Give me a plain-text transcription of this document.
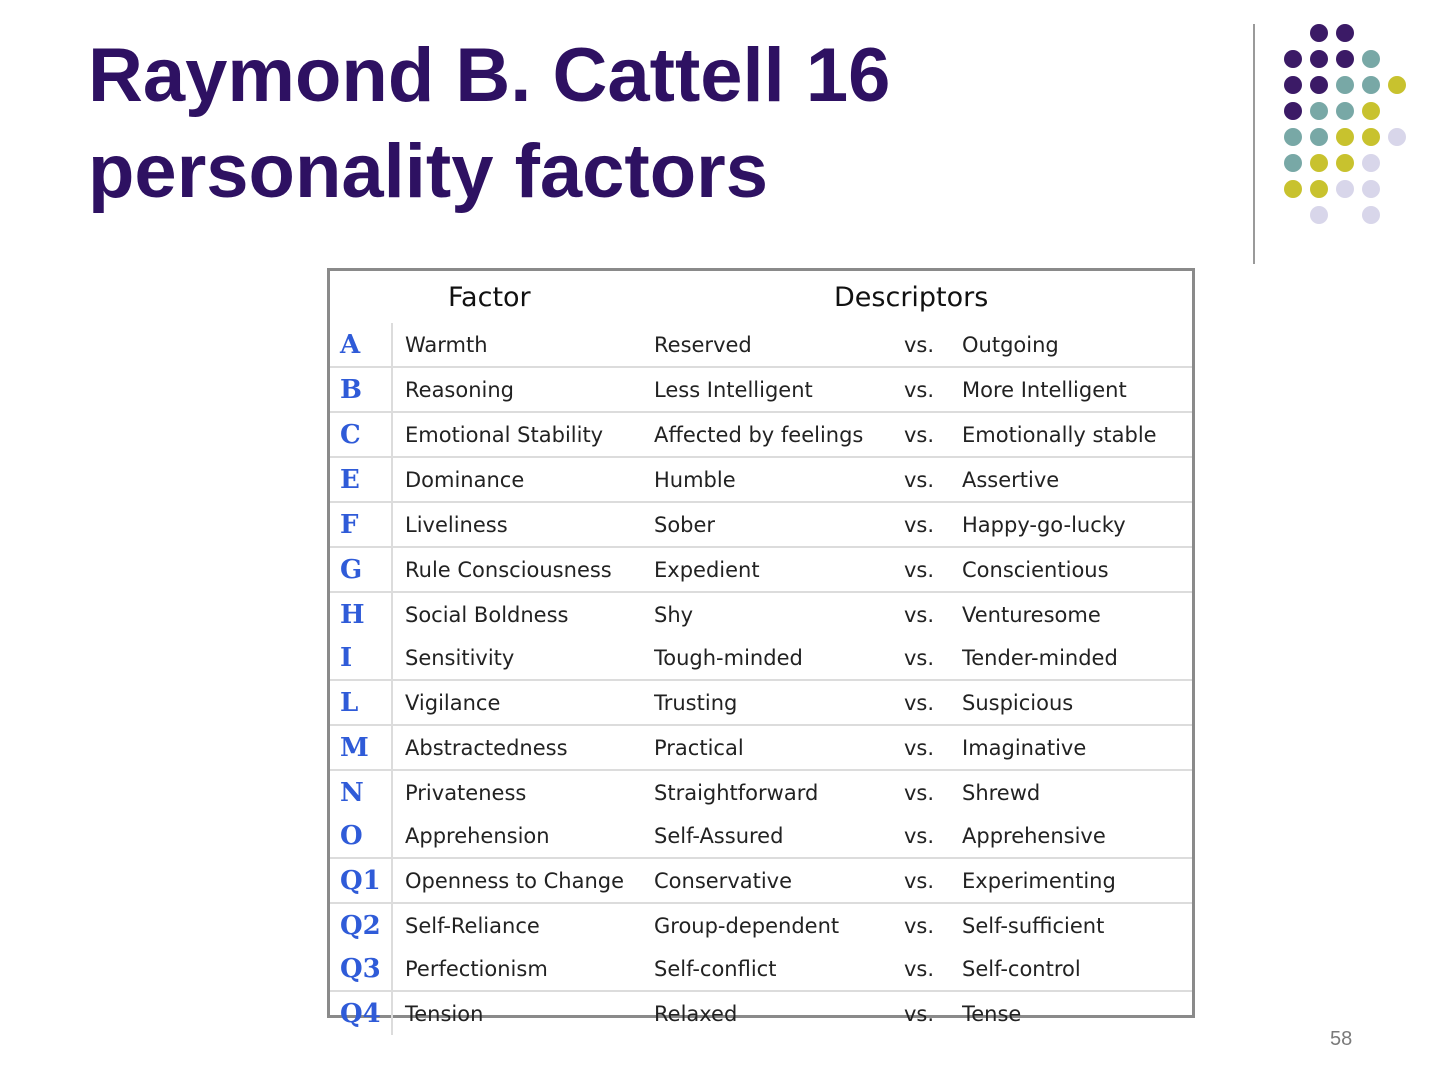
Raymond B. Cattell 16
personality factors
Factor		Descriptors		
A	Warmth	Reserved	vs.	Outgoing
B	Reasoning	Less Intelligent	vs.	More Intelligent
C	Emotional Stability	Affected by feelings	vs.	Emotionally stable
E	Dominance	Humble	vs.	Assertive
F	Liveliness	Sober	vs.	Happy-go-lucky
G	Rule Consciousness	Expedient	vs.	Conscientious
H	Social Boldness	Shy	vs.	Venturesome
I	Sensitivity	Tough-minded	vs.	Tender-minded
L	Vigilance	Trusting	vs.	Suspicious
M	Abstractedness	Practical	vs.	Imaginative
N	Privateness	Straightforward	vs.	Shrewd
O	Apprehension	Self-Assured	vs.	Apprehensive
Q1	Openness to Change	Conservative	vs.	Experimenting
Q2	Self-Reliance	Group-dependent	vs.	Self-sufficient
Q3	Perfectionism	Self-conflict	vs.	Self-control
Q4	Tension	Relaxed	vs.	Tense
58
